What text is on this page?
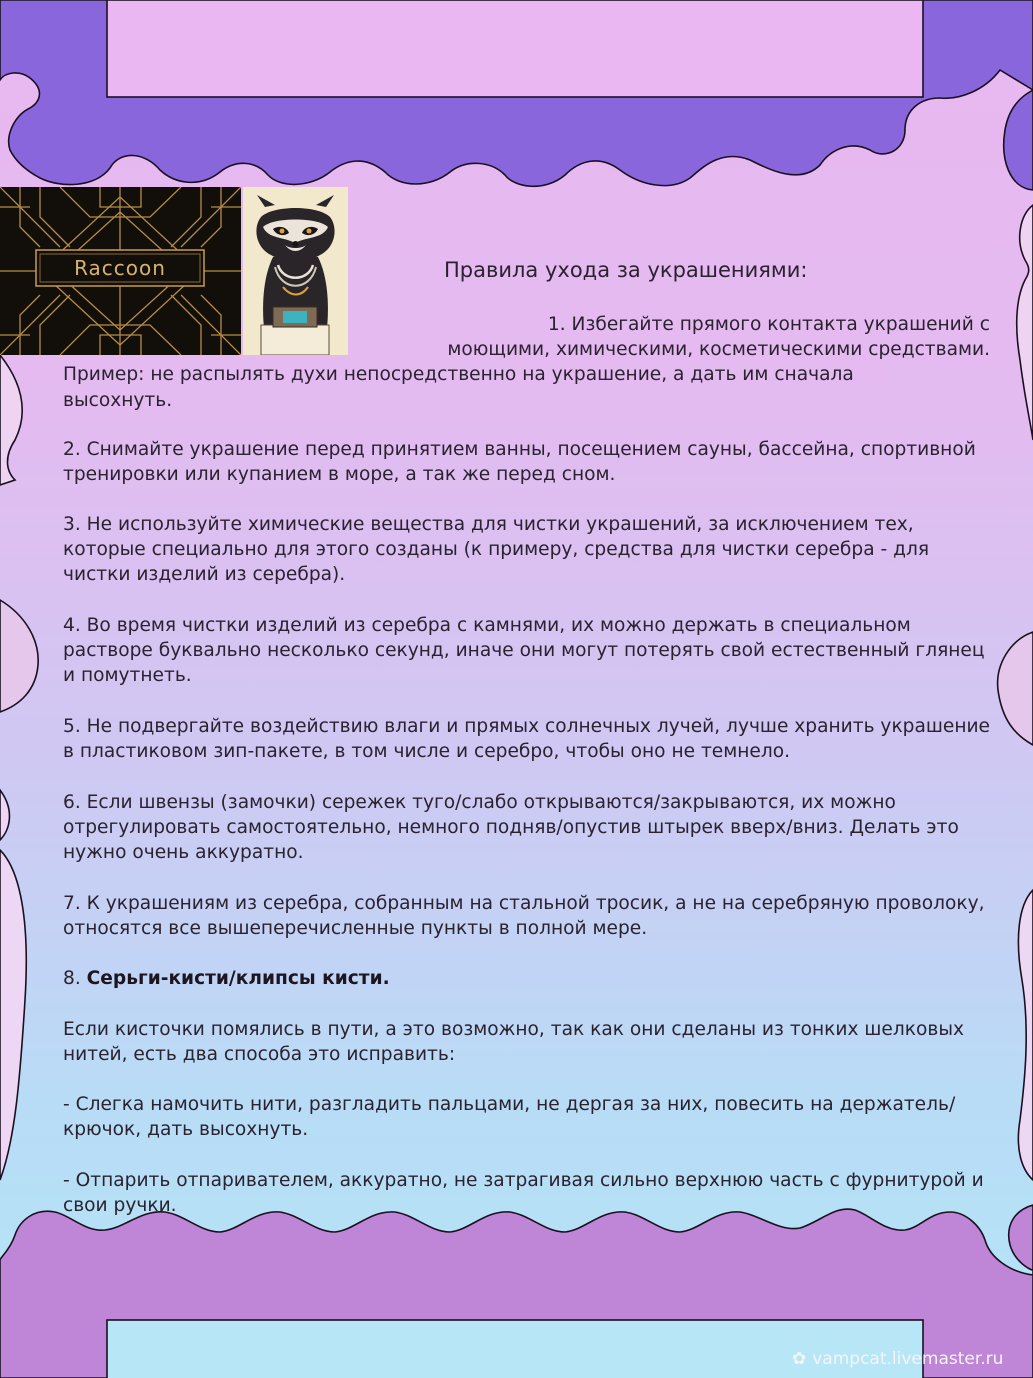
Raccoon	Правила ухода за украшениями:
1. Избегайте прямого контакта украшений с
моющими, химическими, косметическими средствами.
Пример: не распылять духи непосредственно на украшение, а дать им сначала
высохнуть.
2. Снимайте украшение перед принятием ванны, посещением сауны, бассейна, спортивной тренировки или купанием в море, а так же перед сном.
3. Не используйте химические вещества для чистки украшений, за исключением тех, которые специально для этого созданы (к примеру, средства для чистки серебра - для чистки изделий из серебра).
4. Во время чистки изделий из серебра с камнями, их можно держать в специальном растворе буквально несколько секунд, иначе они могут потерять свой естественный глянец и помутнеть.
5. Не подвергайте воздействию влаги и прямых солнечных лучей, лучше хранить украшение в пластиковом зип-пакете, в том числе и серебро, чтобы оно не темнело.
6. Если швензы (замочки) сережек туго/слабо открываются/закрываются, их можно отрегулировать самостоятельно, немного подняв/опустив штырек вверх/вниз. Делать это нужно очень аккуратно.
7. К украшениям из серебра, собранным на стальной тросик, а не на серебряную проволоку, относятся все вышеперечисленные пункты в полной мере.
8. Серьги-кисти/клипсы кисти.
Если кисточки помялись в пути, а это возможно, так как они сделаны из тонких шелковых нитей, есть два способа это исправить:
- Слегка намочить нити, разгладить пальцами, не дергая за них, повесить на держатель/крючок, дать высохнуть.
- Отпарить отпаривателем, аккуратно, не затрагивая сильно верхнюю часть с фурнитурой и свои ручки.
✿ vampcat.livemaster.ru
